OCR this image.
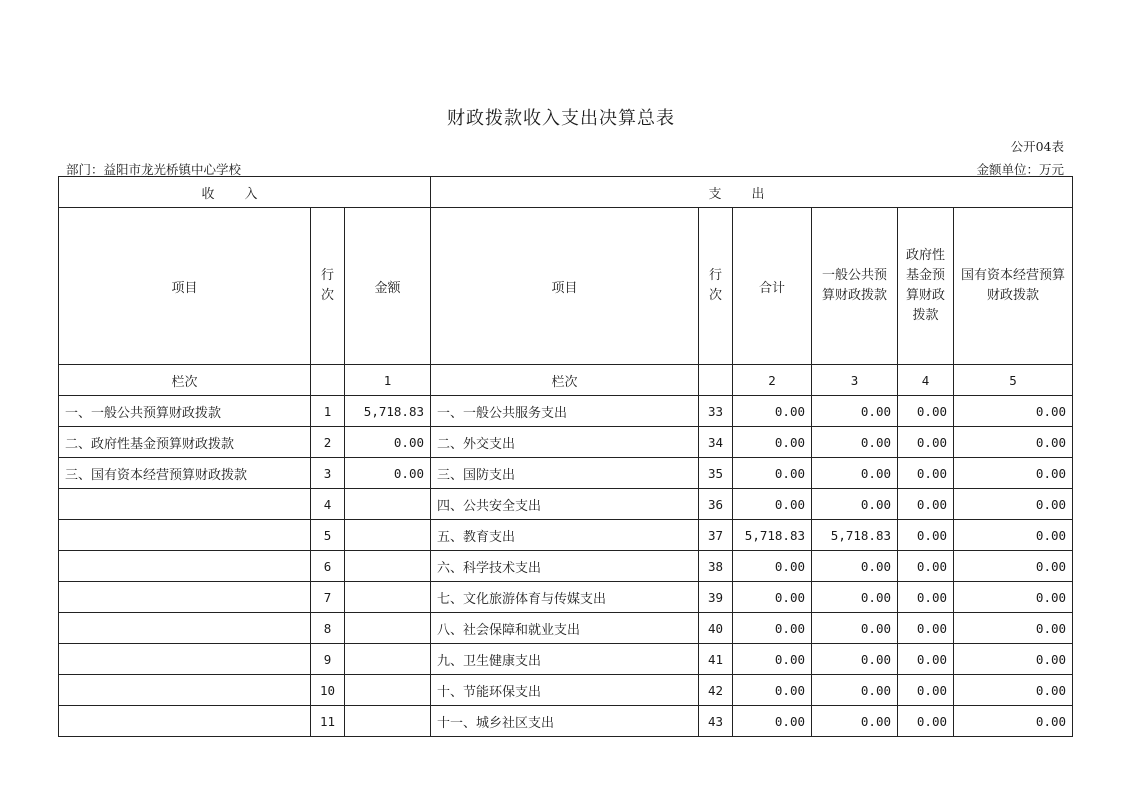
财政拨款收入支出决算总表
公开04表
部门：益阳市龙光桥镇中心学校	金额单位：万元
收入			支出					
项目	行次	金额	项目	行次	合计	一般公共预算财政拨款	政府性基金预算财政拨款	国有资本经营预算财政拨款
栏次		1	栏次		2	3	4	5
一、一般公共预算财政拨款	1	5,718.83	一、一般公共服务支出	33	0.00	0.00	0.00	0.00
二、政府性基金预算财政拨款	2	0.00	二、外交支出	34	0.00	0.00	0.00	0.00
三、国有资本经营预算财政拨款	3	0.00	三、国防支出	35	0.00	0.00	0.00	0.00
	4		四、公共安全支出	36	0.00	0.00	0.00	0.00
	5		五、教育支出	37	5,718.83	5,718.83	0.00	0.00
	6		六、科学技术支出	38	0.00	0.00	0.00	0.00
	7		七、文化旅游体育与传媒支出	39	0.00	0.00	0.00	0.00
	8		八、社会保障和就业支出	40	0.00	0.00	0.00	0.00
	9		九、卫生健康支出	41	0.00	0.00	0.00	0.00
	10		十、节能环保支出	42	0.00	0.00	0.00	0.00
	11		十一、城乡社区支出	43	0.00	0.00	0.00	0.00
